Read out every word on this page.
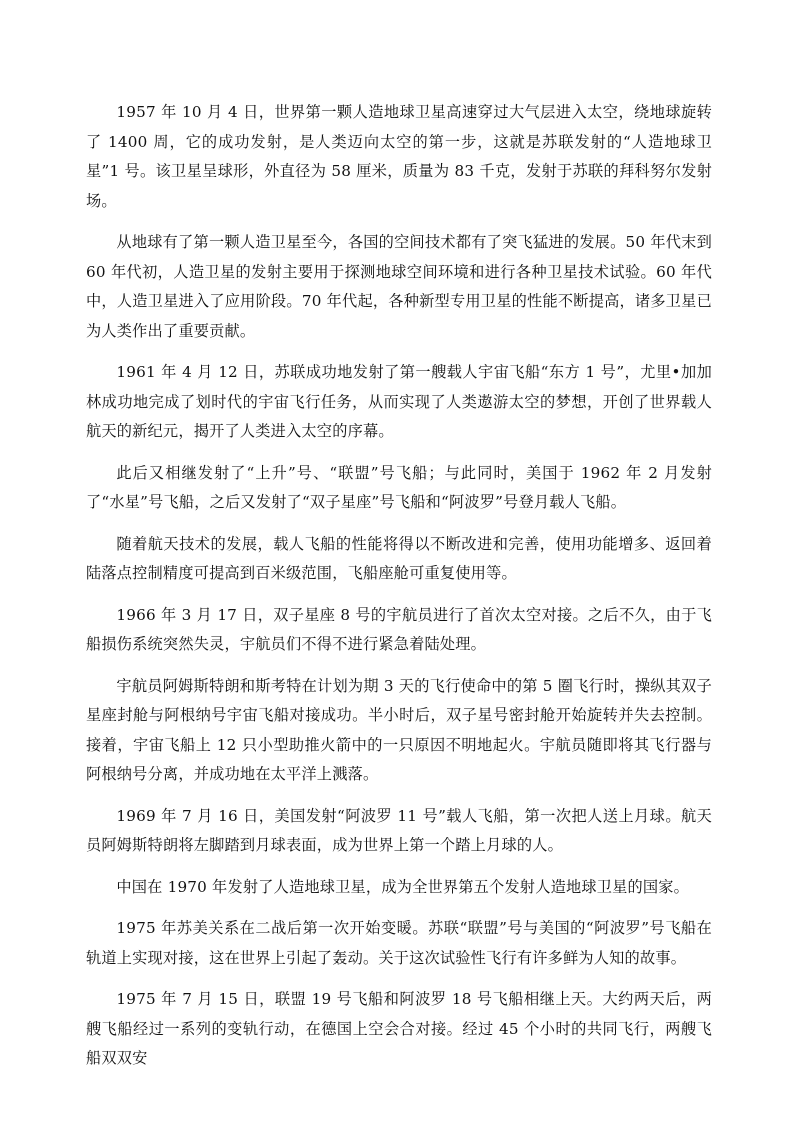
1957 年 10 月 4 日，世界第一颗人造地球卫星高速穿过大气层进入太空，绕地球旋转了 1400 周，它的成功发射，是人类迈向太空的第一步，这就是苏联发射的“人造地球卫星”1 号。该卫星呈球形，外直径为 58 厘米，质量为 83 千克，发射于苏联的拜科努尔发射场。

从地球有了第一颗人造卫星至今，各国的空间技术都有了突飞猛进的发展。50 年代末到 60 年代初，人造卫星的发射主要用于探测地球空间环境和进行各种卫星技术试验。60 年代中，人造卫星进入了应用阶段。70 年代起，各种新型专用卫星的性能不断提高，诸多卫星已为人类作出了重要贡献。

1961 年 4 月 12 日，苏联成功地发射了第一艘载人宇宙飞船“东方 1 号”，尤里•加加林成功地完成了划时代的宇宙飞行任务，从而实现了人类遨游太空的梦想，开创了世界载人航天的新纪元，揭开了人类进入太空的序幕。

此后又相继发射了“上升”号、“联盟”号飞船；与此同时，美国于 1962 年 2 月发射了“水星”号飞船，之后又发射了“双子星座”号飞船和“阿波罗”号登月载人飞船。

随着航天技术的发展，载人飞船的性能将得以不断改进和完善，使用功能增多、返回着陆落点控制精度可提高到百米级范围，飞船座舱可重复使用等。

1966 年 3 月 17 日，双子星座 8 号的宇航员进行了首次太空对接。之后不久，由于飞船损伤系统突然失灵，宇航员们不得不进行紧急着陆处理。

宇航员阿姆斯特朗和斯考特在计划为期 3 天的飞行使命中的第 5 圈飞行时，操纵其双子星座封舱与阿根纳号宇宙飞船对接成功。半小时后，双子星号密封舱开始旋转并失去控制。接着，宇宙飞船上 12 只小型助推火箭中的一只原因不明地起火。宇航员随即将其飞行器与阿根纳号分离，并成功地在太平洋上溅落。

1969 年 7 月 16 日，美国发射“阿波罗 11 号”载人飞船，第一次把人送上月球。航天员阿姆斯特朗将左脚踏到月球表面，成为世界上第一个踏上月球的人。

中国在 1970 年发射了人造地球卫星，成为全世界第五个发射人造地球卫星的国家。

1975 年苏美关系在二战后第一次开始变暖。苏联“联盟”号与美国的“阿波罗”号飞船在轨道上实现对接，这在世界上引起了轰动。关于这次试验性飞行有许多鲜为人知的故事。

1975 年 7 月 15 日，联盟 19 号飞船和阿波罗 18 号飞船相继上天。大约两天后，两艘飞船经过一系列的变轨行动，在德国上空会合对接。经过 45 个小时的共同飞行，两艘飞船双双安
